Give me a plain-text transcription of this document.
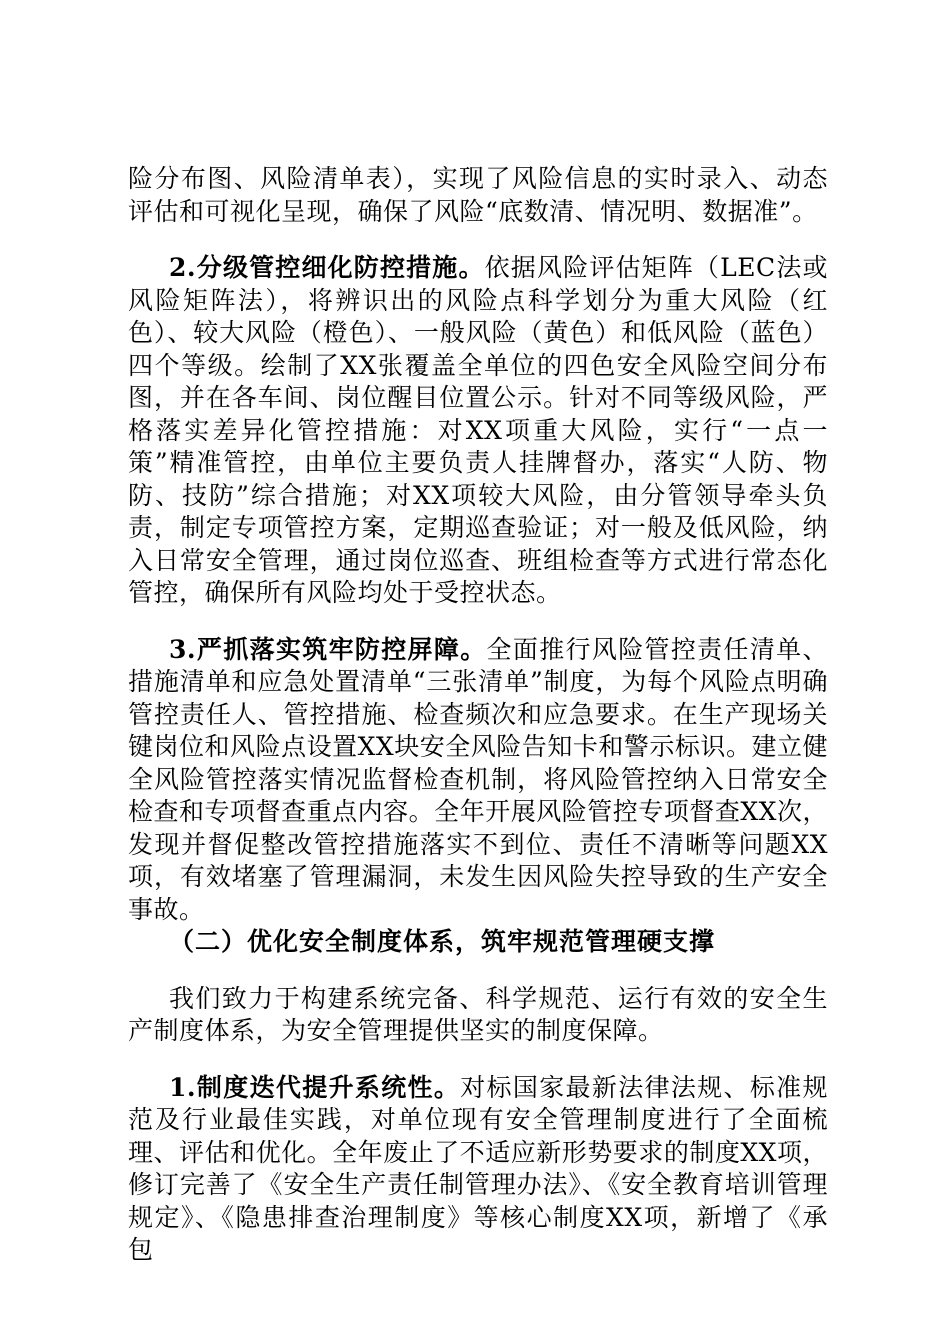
险分布图、风险清单表），实现了风险信息的实时录入、动态评估和可视化呈现，确保了风险“底数清、情况明、数据准”。

2.分级管控细化防控措施。依据风险评估矩阵（LEC法或风险矩阵法），将辨识出的风险点科学划分为重大风险（红色）、较大风险（橙色）、一般风险（黄色）和低风险（蓝色）四个等级。绘制了XX张覆盖全单位的四色安全风险空间分布图，并在各车间、岗位醒目位置公示。针对不同等级风险，严格落实差异化管控措施：对XX项重大风险，实行“一点一策”精准管控，由单位主要负责人挂牌督办，落实“人防、物防、技防”综合措施；对XX项较大风险，由分管领导牵头负责，制定专项管控方案，定期巡查验证；对一般及低风险，纳入日常安全管理，通过岗位巡查、班组检查等方式进行常态化管控，确保所有风险均处于受控状态。

3.严抓落实筑牢防控屏障。全面推行风险管控责任清单、措施清单和应急处置清单“三张清单”制度，为每个风险点明确管控责任人、管控措施、检查频次和应急要求。在生产现场关键岗位和风险点设置XX块安全风险告知卡和警示标识。建立健全风险管控落实情况监督检查机制，将风险管控纳入日常安全检查和专项督查重点内容。全年开展风险管控专项督查XX次，发现并督促整改管控措施落实不到位、责任不清晰等问题XX项，有效堵塞了管理漏洞，未发生因风险失控导致的生产安全事故。

（二）优化安全制度体系，筑牢规范管理硬支撑

我们致力于构建系统完备、科学规范、运行有效的安全生产制度体系，为安全管理提供坚实的制度保障。

1.制度迭代提升系统性。对标国家最新法律法规、标准规范及行业最佳实践，对单位现有安全管理制度进行了全面梳理、评估和优化。全年废止了不适应新形势要求的制度XX项，修订完善了《安全生产责任制管理办法》、《安全教育培训管理规定》、《隐患排查治理制度》等核心制度XX项，新增了《承包
